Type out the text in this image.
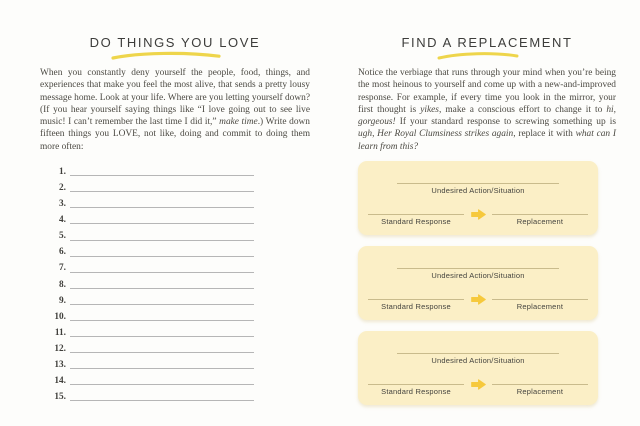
DO THINGS YOU LOVE

When you constantly deny yourself the people, food, things, and experiences that make you feel the most alive, that sends a pretty lousy message home. Look at your life. Where are you letting yourself down? (If you hear yourself saying things like “I love going out to see live music! I can’t remember the last time I did it,” make time.) Write down fifteen things you LOVE, not like, doing and commit to doing them more often:

1.
2.
3.
4.
5.
6.
7.
8.
9.
10.
11.
12.
13.
14.
15.
FIND A REPLACEMENT

Notice the verbiage that runs through your mind when you’re being the most heinous to yourself and come up with a new-and-improved response. For example, if every time you look in the mirror, your first thought is yikes, make a conscious effort to change it to hi, gorgeous! If your standard response to screwing something up is ugh, Her Royal Clumsiness strikes again, replace it with what can I learn from this?

Undesired Action/Situation
Standard Response	Replacement
Undesired Action/Situation
Standard Response	Replacement
Undesired Action/Situation
Standard Response	Replacement
